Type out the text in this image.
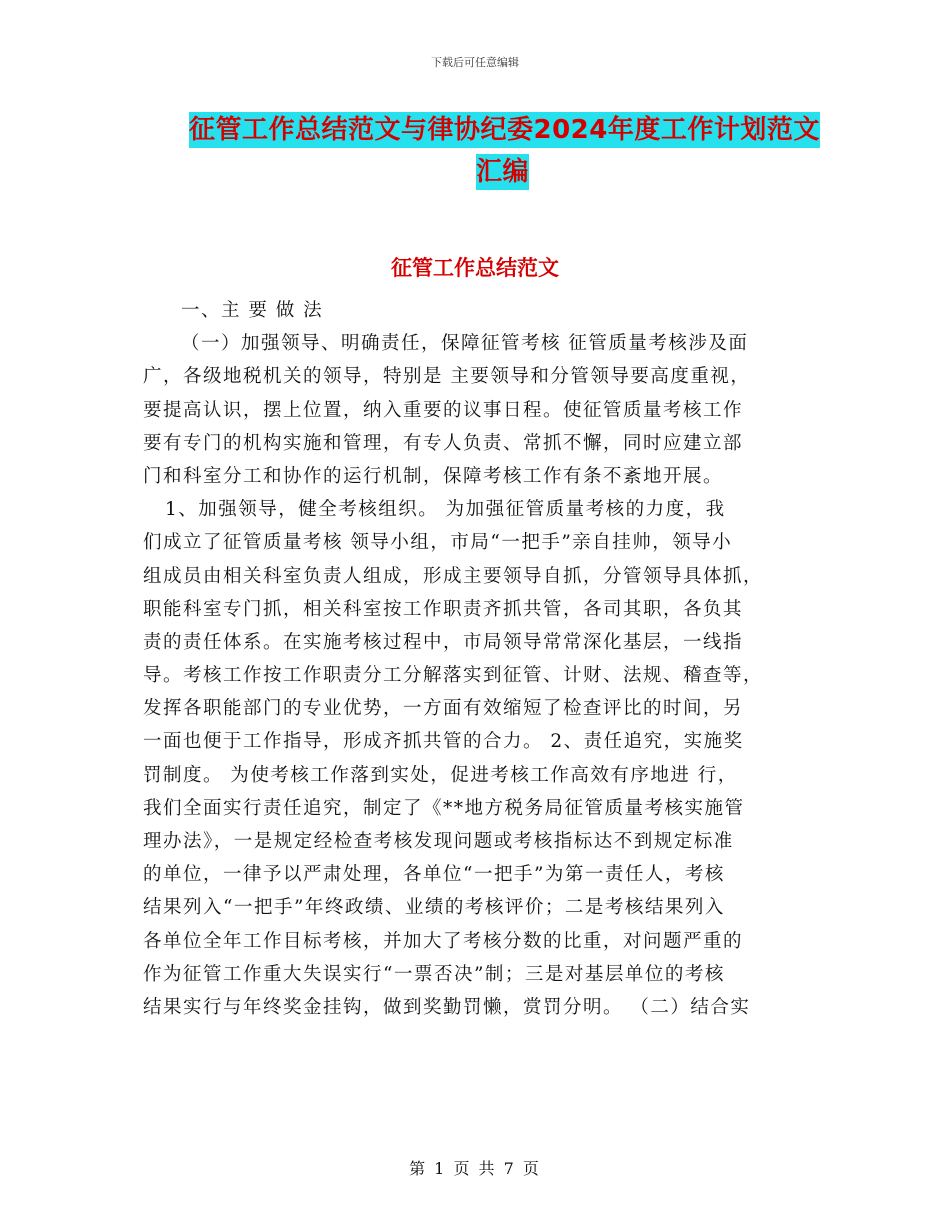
下载后可任意编辑
征管工作总结范文与律协纪委2024年度工作计划范文
汇编
征管工作总结范文
一、主 要 做 法
（一）加强领导、明确责任，保障征管考核 征管质量考核涉及面
广，各级地税机关的领导，特别是 主要领导和分管领导要高度重视，
要提高认识，摆上位置，纳入重要的议事日程。使征管质量考核工作
要有专门的机构实施和管理，有专人负责、常抓不懈，同时应建立部
门和科室分工和协作的运行机制，保障考核工作有条不紊地开展。
1、加强领导，健全考核组织。 为加强征管质量考核的力度，我
们成立了征管质量考核 领导小组，市局“一把手”亲自挂帅，领导小
组成员由相关科室负责人组成，形成主要领导自抓，分管领导具体抓，
职能科室专门抓，相关科室按工作职责齐抓共管，各司其职，各负其
责的责任体系。在实施考核过程中，市局领导常常深化基层，一线指
导。考核工作按工作职责分工分解落实到征管、计财、法规、稽查等，
发挥各职能部门的专业优势，一方面有效缩短了检查评比的时间，另
一面也便于工作指导，形成齐抓共管的合力。 2、责任追究，实施奖
罚制度。 为使考核工作落到实处，促进考核工作高效有序地进 行，
我们全面实行责任追究，制定了《**地方税务局征管质量考核实施管
理办法》，一是规定经检查考核发现问题或考核指标达不到规定标准
的单位，一律予以严肃处理，各单位“一把手”为第一责任人，考核
结果列入“一把手”年终政绩、业绩的考核评价；二是考核结果列入
各单位全年工作目标考核，并加大了考核分数的比重，对问题严重的
作为征管工作重大失误实行“一票否决”制；三是对基层单位的考核
结果实行与年终奖金挂钩，做到奖勤罚懒，赏罚分明。 （二）结合实
第 1 页 共 7 页
